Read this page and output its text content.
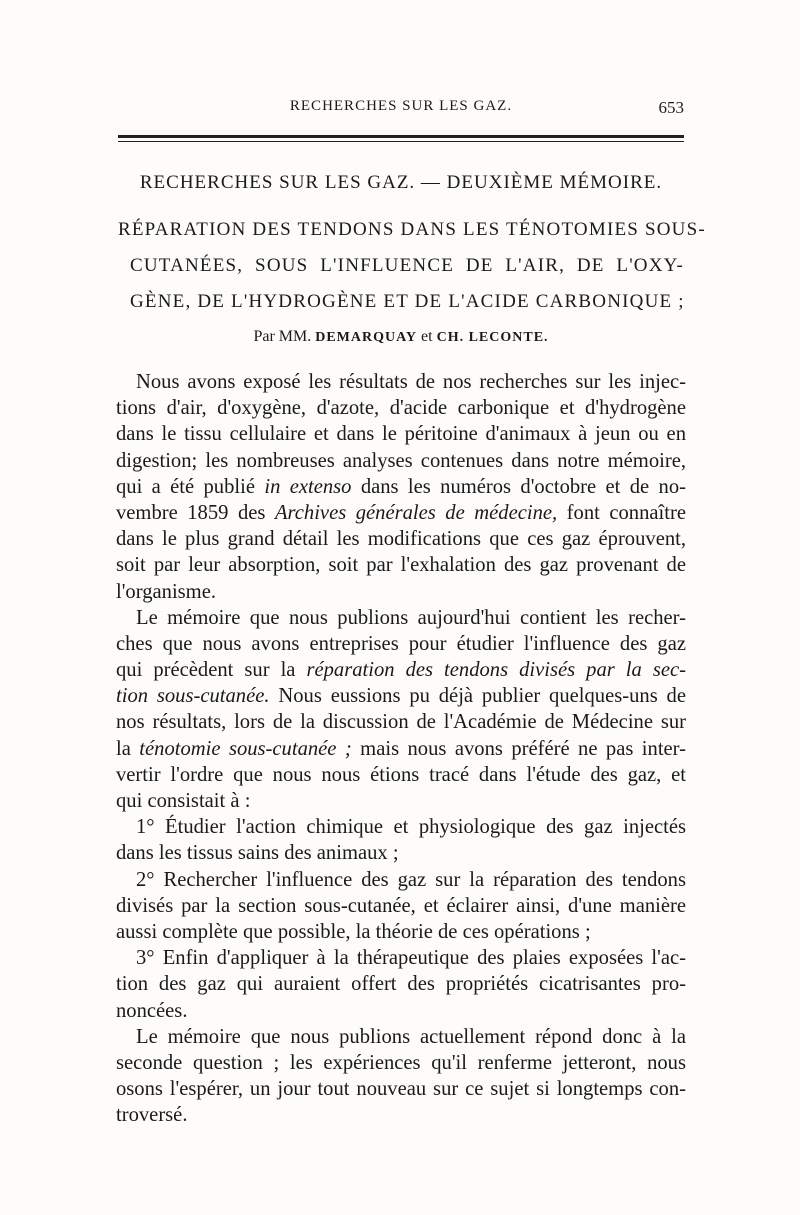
RECHERCHES SUR LES GAZ.	653
RECHERCHES SUR LES GAZ. — DEUXIÈME MÉMOIRE.
RÉPARATION DES TENDONS DANS LES TÉNOTOMIES SOUS-
CUTANÉES, SOUS L'INFLUENCE DE L'AIR, DE L'OXY-
GÈNE, DE L'HYDROGÈNE ET DE L'ACIDE CARBONIQUE ;
Par MM. DEMARQUAY et CH. LECONTE.
Nous avons exposé les résultats de nos recherches sur les injec-
tions d'air, d'oxygène, d'azote, d'acide carbonique et d'hydrogène
dans le tissu cellulaire et dans le péritoine d'animaux à jeun ou en
digestion; les nombreuses analyses contenues dans notre mémoire,
qui a été publié in extenso dans les numéros d'octobre et de no-
vembre 1859 des Archives générales de médecine, font connaître
dans le plus grand détail les modifications que ces gaz éprouvent,
soit par leur absorption, soit par l'exhalation des gaz provenant de
l'organisme.
Le mémoire que nous publions aujourd'hui contient les recher-
ches que nous avons entreprises pour étudier l'influence des gaz
qui précèdent sur la réparation des tendons divisés par la sec-
tion sous-cutanée. Nous eussions pu déjà publier quelques-uns de
nos résultats, lors de la discussion de l'Académie de Médecine sur
la ténotomie sous-cutanée ; mais nous avons préféré ne pas inter-
vertir l'ordre que nous nous étions tracé dans l'étude des gaz, et
qui consistait à :
1° Étudier l'action chimique et physiologique des gaz injectés
dans les tissus sains des animaux ;
2° Rechercher l'influence des gaz sur la réparation des tendons
divisés par la section sous-cutanée, et éclairer ainsi, d'une manière
aussi complète que possible, la théorie de ces opérations ;
3° Enfin d'appliquer à la thérapeutique des plaies exposées l'ac-
tion des gaz qui auraient offert des propriétés cicatrisantes pro-
noncées.
Le mémoire que nous publions actuellement répond donc à la
seconde question ; les expériences qu'il renferme jetteront, nous
osons l'espérer, un jour tout nouveau sur ce sujet si longtemps con-
troversé.
